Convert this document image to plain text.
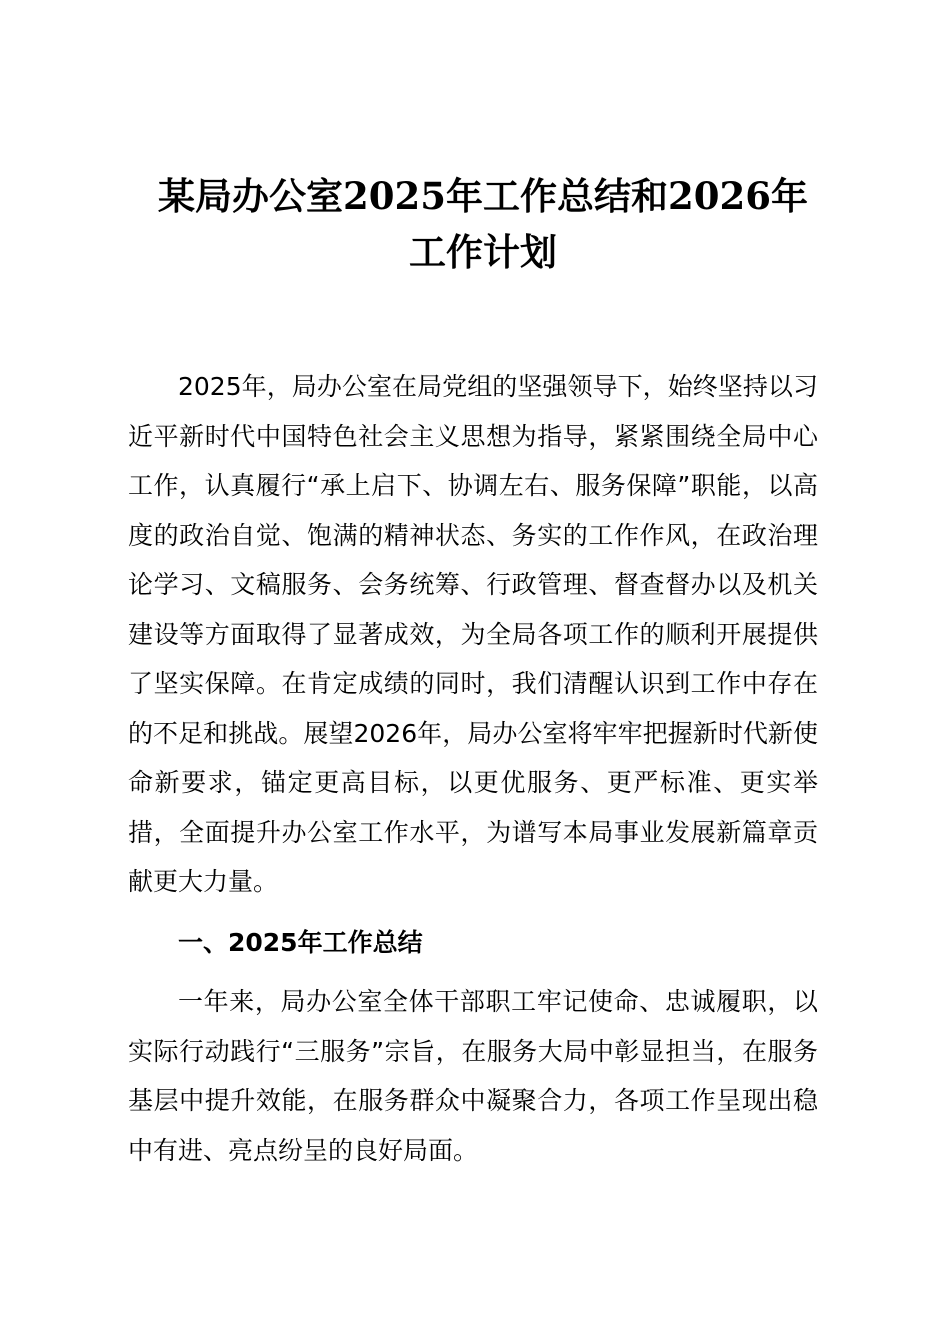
某局办公室2025年工作总结和2026年
工作计划

2025年，局办公室在局党组的坚强领导下，始终坚持以习近平新时代中国特色社会主义思想为指导，紧紧围绕全局中心工作，认真履行“承上启下、协调左右、服务保障”职能，以高度的政治自觉、饱满的精神状态、务实的工作作风，在政治理论学习、文稿服务、会务统筹、行政管理、督查督办以及机关建设等方面取得了显著成效，为全局各项工作的顺利开展提供了坚实保障。在肯定成绩的同时，我们清醒认识到工作中存在的不足和挑战。展望2026年，局办公室将牢牢把握新时代新使命新要求，锚定更高目标，以更优服务、更严标准、更实举措，全面提升办公室工作水平，为谱写本局事业发展新篇章贡献更大力量。

一、2025年工作总结

一年来，局办公室全体干部职工牢记使命、忠诚履职，以实际行动践行“三服务”宗旨，在服务大局中彰显担当，在服务基层中提升效能，在服务群众中凝聚合力，各项工作呈现出稳中有进、亮点纷呈的良好局面。
